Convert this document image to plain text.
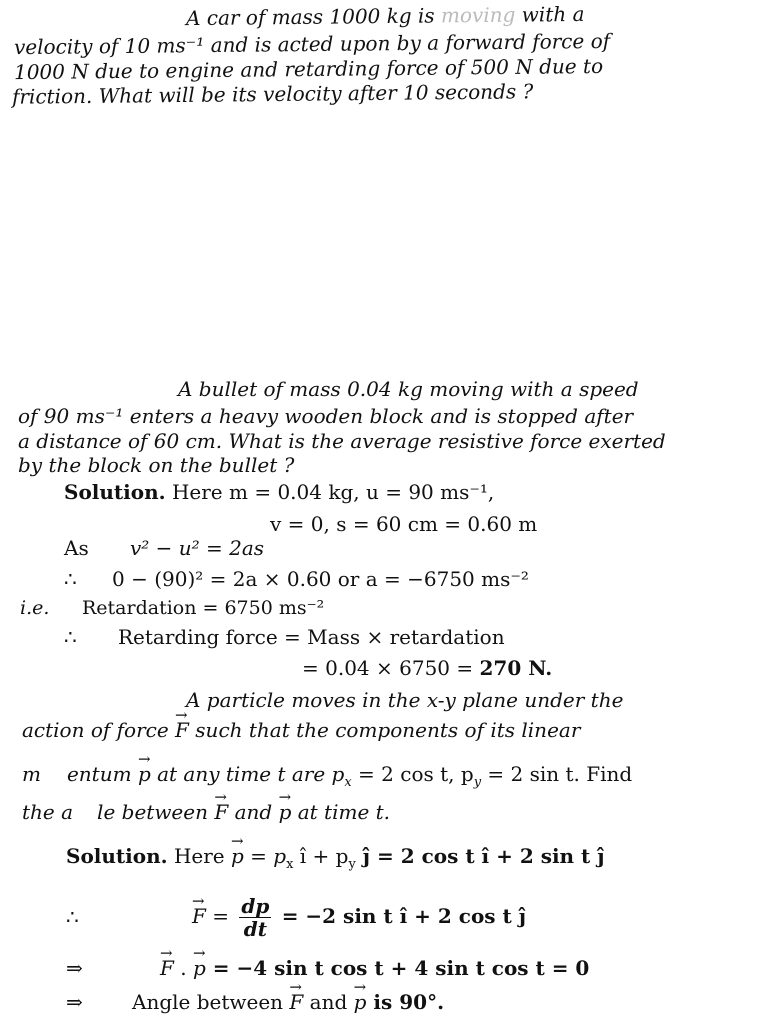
A car of mass 1000 kg is moving with a
velocity of 10 ms⁻¹ and is acted upon by a forward force of
1000 N due to engine and retarding force of 500 N due to
friction. What will be its velocity after 10 seconds ?
A bullet of mass 0.04 kg moving with a speed
of 90 ms⁻¹ enters a heavy wooden block and is stopped after
a distance of 60 cm. What is the average resistive force exerted
by the block on the bullet ?
Solution. Here m = 0.04 kg, u = 90 ms⁻¹,
v = 0, s = 60 cm = 0.60 m
As v² − u² = 2as
∴ 0 − (90)² = 2a × 0.60 or a = −6750 ms⁻²
i.e. Retardation = 6750 ms⁻²
∴ Retarding force = Mass × retardation
= 0.04 × 6750 = 270 N.
A particle moves in the x-y plane under the
action of force → F such that the components of its linear
m entum → p at any time t are $p_x = 2$ cos t, $p_y = 2$ sin t. Find
the a le between → F and → p at time t.
Solution. Here → $p = p_x$ î + $p_y$ ĵ = 2 cos t î + 2 sin t ĵ
∴	→ $F = \frac{dp}{dt} = -2$ sin t î + 2 cos t ĵ
⇒	→ F . → p = −4 sin t cos t + 4 sin t cos t = 0
⇒ Angle between → F and → p is 90°.
